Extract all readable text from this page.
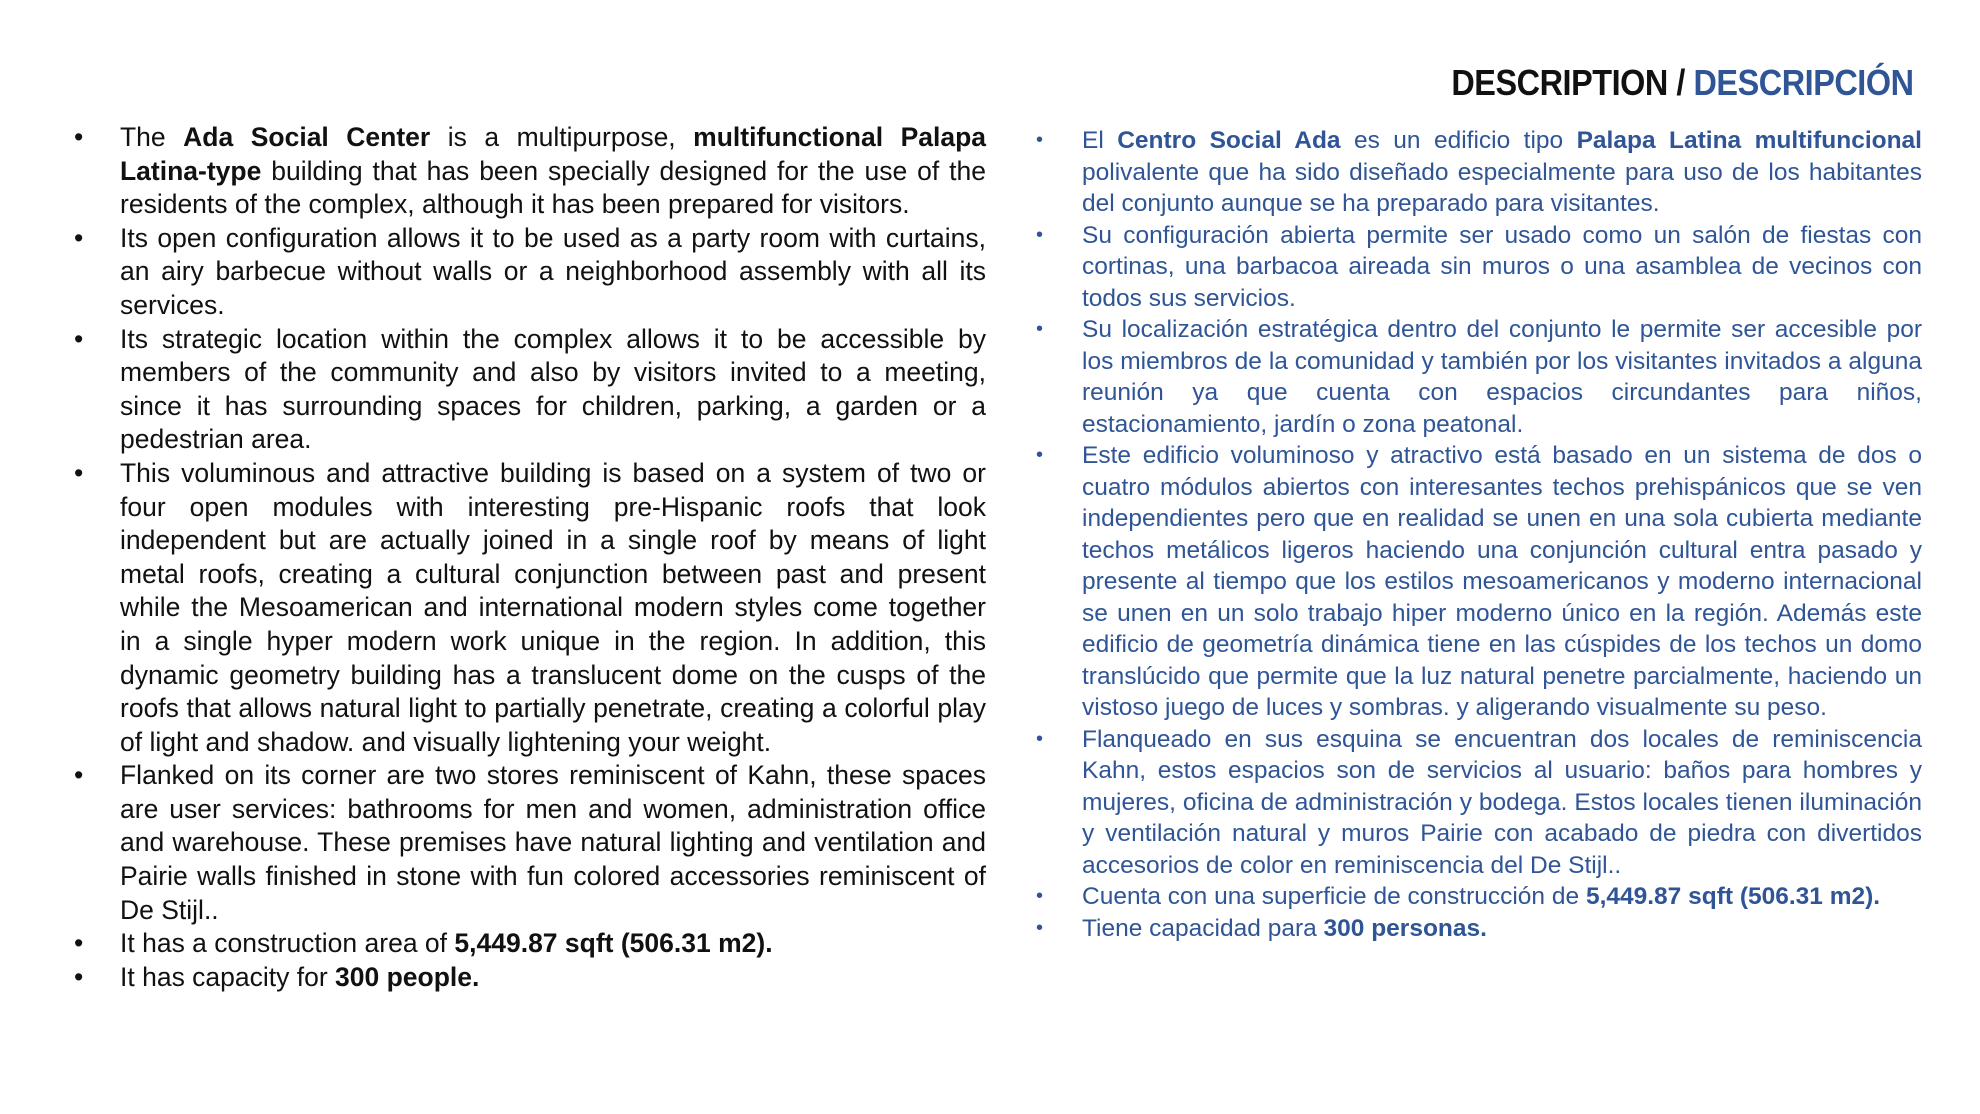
DESCRIPTION / DESCRIPCIÓN
• The Ada Social Center is a multipurpose, multifunctional Palapa Latina-type building that has been specially designed for the use of the residents of the complex, although it has been prepared for visitors.
• Its open configuration allows it to be used as a party room with curtains, an airy barbecue without walls or a neighborhood assembly with all its services.
• Its strategic location within the complex allows it to be accessible by members of the community and also by visitors invited to a meeting, since it has surrounding spaces for children, parking, a garden or a pedestrian area.
• This voluminous and attractive building is based on a system of two or four open modules with interesting pre-Hispanic roofs that look independent but are actually joined in a single roof by means of light metal roofs, creating a cultural conjunction between past and present while the Mesoamerican and international modern styles come together in a single hyper modern work unique in the region. In addition, this dynamic geometry building has a translucent dome on the cusps of the roofs that allows natural light to partially penetrate, creating a colorful play of light and shadow. and visually lightening your weight.
• Flanked on its corner are two stores reminiscent of Kahn, these spaces are user services: bathrooms for men and women, administration office and warehouse. These premises have natural lighting and ventilation and Pairie walls finished in stone with fun colored accessories reminiscent of De Stijl..
• It has a construction area of 5,449.87 sqft (506.31 m2).
• It has capacity for 300 people.
• El Centro Social Ada es un edificio tipo Palapa Latina multifuncional polivalente que ha sido diseñado especialmente para uso de los habitantes del conjunto aunque se ha preparado para visitantes.
• Su configuración abierta permite ser usado como un salón de fiestas con cortinas, una barbacoa aireada sin muros o una asamblea de vecinos con todos sus servicios.
• Su localización estratégica dentro del conjunto le permite ser accesible por los miembros de la comunidad y también por los visitantes invitados a alguna reunión ya que cuenta con espacios circundantes para niños, estacionamiento, jardín o zona peatonal.
• Este edificio voluminoso y atractivo está basado en un sistema de dos o cuatro módulos abiertos con interesantes techos prehispánicos que se ven independientes pero que en realidad se unen en una sola cubierta mediante techos metálicos ligeros haciendo una conjunción cultural entra pasado y presente al tiempo que los estilos mesoamericanos y moderno internacional se unen en un solo trabajo hiper moderno único en la región. Además este edificio de geometría dinámica tiene en las cúspides de los techos un domo translúcido que permite que la luz natural penetre parcialmente, haciendo un vistoso juego de luces y sombras. y aligerando visualmente su peso.
• Flanqueado en sus esquina se encuentran dos locales de reminiscencia Kahn, estos espacios son de servicios al usuario: baños para hombres y mujeres, oficina de administración y bodega. Estos locales tienen iluminación y ventilación natural y muros Pairie con acabado de piedra con divertidos accesorios de color en reminiscencia del De Stijl..
• Cuenta con una superficie de construcción de 5,449.87 sqft (506.31 m2).
• Tiene capacidad para 300 personas.
